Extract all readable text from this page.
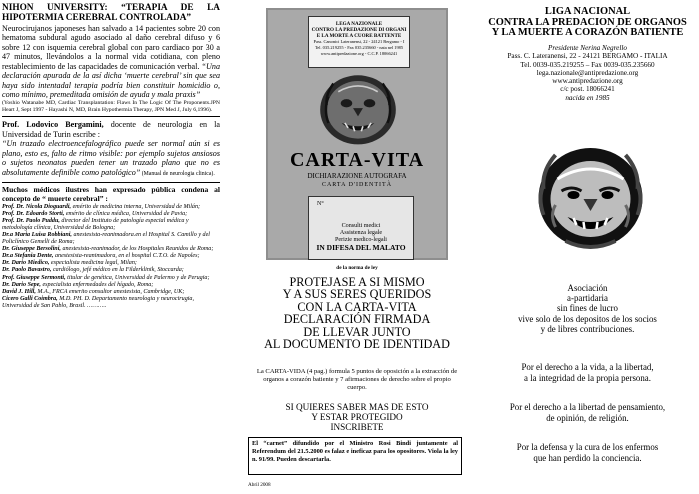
NIHON UNIVERSITY: “TERAPIA DE LA HIPOTERMIA CEREBRAL CONTROLADA”

Neurocirujanos japoneses han salvado a 14 pacientes sobre 20 con hematoma subdural agudo asociado al daño cerebral difuso y 6 sobre 12 con isquemia cerebral global con paro cardiaco por 30 a 47 minutos, llevándolos a la normal vida cotidiana, con pleno restablecimiento de las capacidades de comunicación verbal. “Una declaración apurada de la así dicha ‘muerte cerebral’ sin que sea haya sido intentadal terapia podría bien constituir homicidio o, como mínimo, premeditada omisión de ayuda y mala praxis”

(Yoshio Watanabe MD, Cardiac Transplantation: Flaws In The Logic Of The Proponents.JPN Heart J, Sept 1997 - Hayashi N, MD, Brain Hypothermia Therapy, JPN Med J, July 6,1996).

Prof. Lodovico Bergamini, docente de neurologia en la Universidad de Turin escribe :

“Un trazado electroencefalográfico puede ser normal aún si es plano, esto es, falto de ritmo visible: por ejemplo sujetos ansiosos o sujetos neonatos pueden tener un trazado plano que no es absolutamente definible como patológico” (Manual de neurologia clinica).

Muchos médicos ilustres han expresado pública condena al concepto de “ muerte cerebral” :
Prof. Dr. Nicola Dioguardi, emérito de medicina interna, Universidad de Milán;
Prof. Dr. Edoardo Storti, emérito de clínica médica, Universidad de Pavia;
Prof. Dr. Paolo Puddu, director del Instituto de patología especial médica y metodología clínica, Universidad de Bologna;
Dr.a Maria Luisa Robbiani, anestesista-reanimadora.en el Hospital S. Camillo y del Policlínico Gemelli de Roma;
Dr. Giuseppe Bersolini, anestesista-reanimador, de los Hospitales Reunidos de Roma;
Dr.a Stefania Dente, anestesista-reanimadora, en el hospital C.T.O. de Napoles;
Dr. Dario Miedico, especialista medicina legal, Milan;
Dr. Paolo Bavastro, cardiólogo, jefé médico en la Filderklinik, Stoccarda;
Prof. Giuseppe Sermonti, titular de genética, Universidad de Palermo y de Perugia;
Dr. Dario Sepe, especialista enfermedades del hígado, Roma;
David J. Hill, M.A., FRCA emerito consultor anestesista, Cambridge, UK;
Cicero Galli Coimbra, M.D. PH. D. Departamento neurologia y neurocirugia, Universidad de San Pablo, Brasil. ………..
LEGA NAZIONALE
CONTRO LA PREDAZIONE DI ORGANI
E LA MORTE A CUORE BATTENTE
Pass. Canonici Lateranensi, 22 - 24121 Bergamo - I
Tel. 035.219255 - Fax 035.235660 - nata nel 1985
www.antipredazione.org - C.C.P. 18066241
CARTA-VITA
DICHIARAZIONE AUTOGRAFA
CARTA D'IDENTITÀ
N°
Consulti medici
Assistenza legale
Perizie medico-legali
IN DIFESA DEL MALATO
de la norma de ley
PROTEJASE A SI MISMO
Y A SUS SERES QUERIDOS
CON LA CARTA-VITA
DECLARACIÓN FIRMADA
DE LLEVAR JUNTO
AL DOCUMENTO DE IDENTIDAD
La CARTA-VIDA (4 pag.) formula 5 puntos de oposición a la extracción de organos a corazón batiente y 7 afirmaciones de derecho sobre el propio cuerpo.
SI QUIERES SABER MAS DE ESTO
Y ESTAR PROTEGIDO
INSCRIBETE
El “carnet” difundido por el Ministro Rosi Bindi juntamente al Referendum del 21.5.2000 es falaz e ineficaz para los opositores. Viola la ley n. 91/99. Pueden descartarla.
Abril 2008
LIGA NACIONAL
CONTRA LA PREDACION DE ORGANOS
Y LA MUERTE A CORAZÓN BATIENTE
Presidente Nerina Negrello
Pass. C. Lateranensi, 22 - 24121 BERGAMO - ITALIA
Tel. 0039-035.219255 – Fax 0039-035.235660
lega.nazionale@antipredazione.org
www.antipredazione.org
c/c post. 18066241
nacida en 1985
Asociación
a-partidaria
sin fines de lucro
vive solo de los depositos de los socios
y de libres contribuciones.
Por el derecho a la vida, a la libertad,
a la integridad de la propia persona.
Por el derecho a la libertad de pensamiento,
de opinión, de religión.
Por la defensa y la cura de los enfermos
que han perdido la conciencia.
